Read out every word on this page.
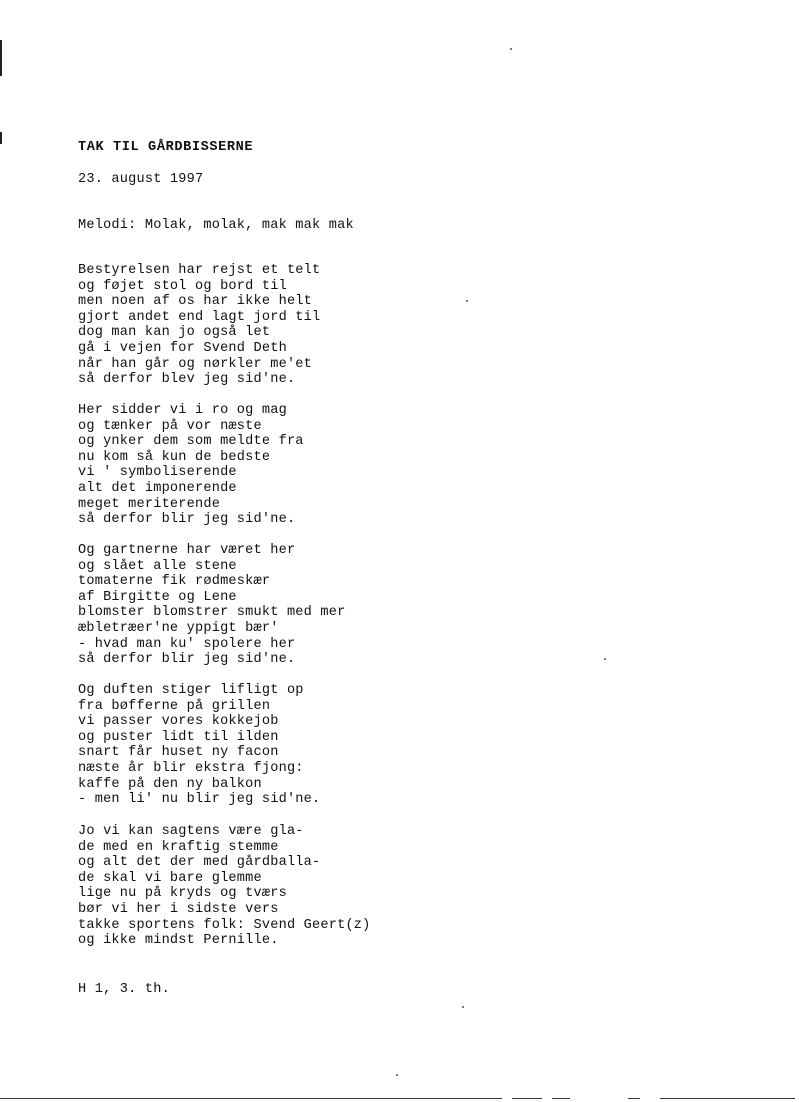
TAK TIL GÅRDBISSERNE
23. august 1997
Melodi: Molak, molak, mak mak mak
Bestyrelsen har rejst et telt
og føjet stol og bord til
men noen af os har ikke helt
gjort andet end lagt jord til
dog man kan jo også let
gå i vejen for Svend Deth
når han går og nørkler me'et
så derfor blev jeg sid'ne.
Her sidder vi i ro og mag
og tænker på vor næste
og ynker dem som meldte fra
nu kom så kun de bedste
vi ' symboliserende
alt det imponerende
meget meriterende
så derfor blir jeg sid'ne.
Og gartnerne har været her
og slået alle stene
tomaterne fik rødmeskær
af Birgitte og Lene
blomster blomstrer smukt med mer
æbletræer'ne yppigt bær'
- hvad man ku' spolere her
så derfor blir jeg sid'ne.
Og duften stiger lifligt op
fra bøfferne på grillen
vi passer vores kokkejob
og puster lidt til ilden
snart får huset ny facon
næste år blir ekstra fjong:
kaffe på den ny balkon
- men li' nu blir jeg sid'ne.
Jo vi kan sagtens være gla-
de med en kraftig stemme
og alt det der med gårdballa-
de skal vi bare glemme
lige nu på kryds og tværs
bør vi her i sidste vers
takke sportens folk: Svend Geert(z)
og ikke mindst Pernille.
H 1, 3. th.
